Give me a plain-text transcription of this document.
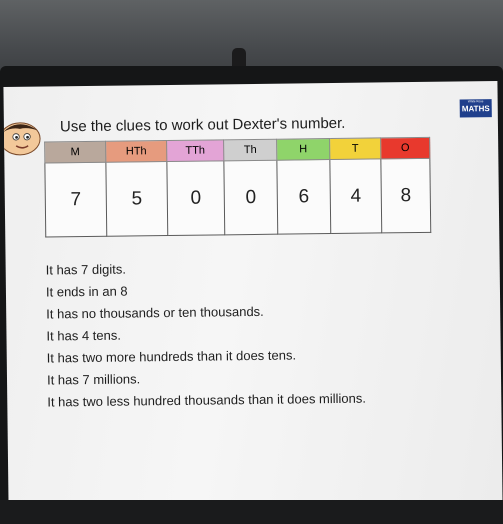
White Rose
MATHS
Use the clues to work out Dexter's number.
M	HTh	TTh	Th	H	T	O
7	5	0	0	6	4	8
It has 7 digits.
It ends in an 8
It has no thousands or ten thousands.
It has 4 tens.
It has two more hundreds than it does tens.
It has 7 millions.
It has two less hundred thousands than it does millions.
